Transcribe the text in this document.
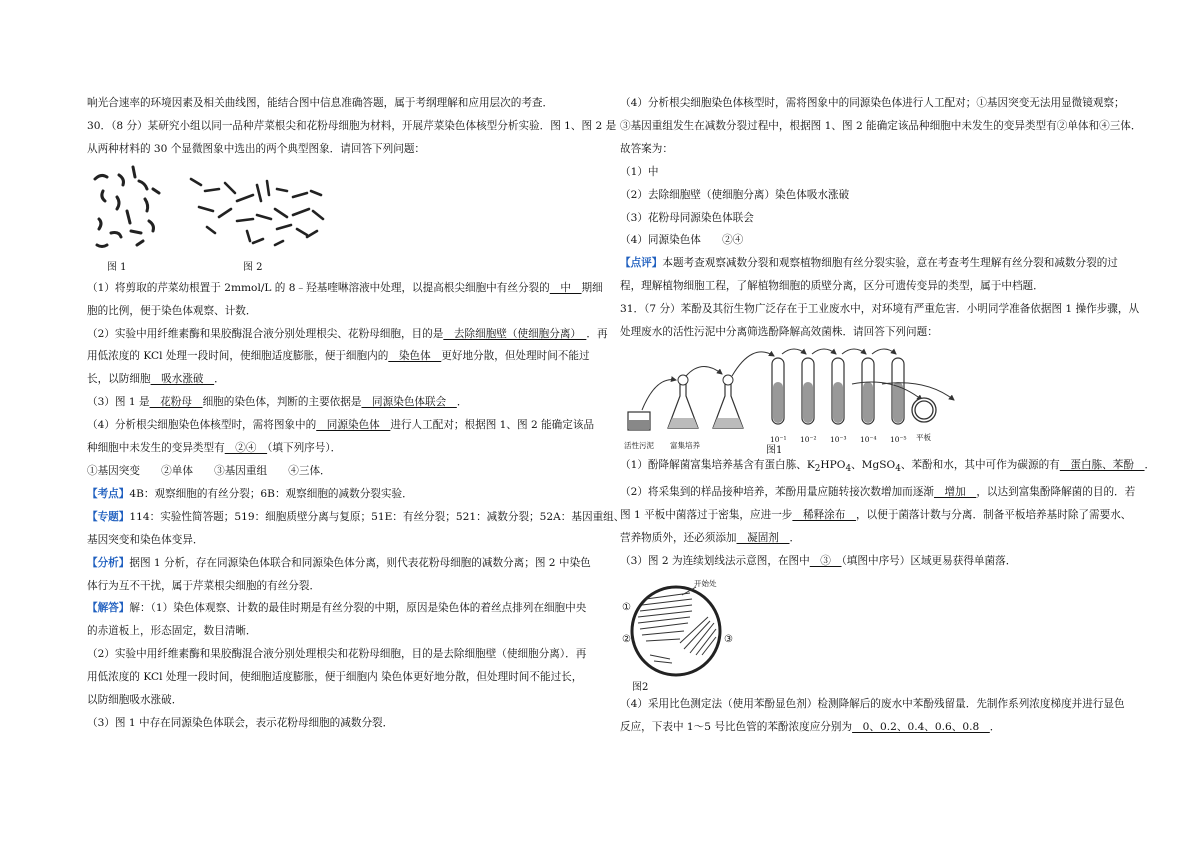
响光合速率的环境因素及相关曲线图，能结合图中信息准确答题，属于考纲理解和应用层次的考查．

30．（8 分）某研究小组以同一品种芹菜根尖和花粉母细胞为材料，开展芹菜染色体核型分析实验．图 1、图 2 是

从两种材料的 30 个显微图象中选出的两个典型图象．请回答下列问题：

图 1	图 2

（1）将剪取的芹菜幼根置于 2mmol/L 的 8﹣羟基喹啉溶液中处理，以提高根尖细胞中有丝分裂的　中　期细

胞的比例，便于染色体观察、计数．

（2）实验中用纤维素酶和果胶酶混合液分别处理根尖、花粉母细胞，目的是　去除细胞壁（使细胞分离）　．再

用低浓度的 KCl 处理一段时间，使细胞适度膨胀，便于细胞内的　染色体　更好地分散，但处理时间不能过

长，以防细胞　吸水涨破　．

（3）图 1 是　花粉母　细胞的染色体，判断的主要依据是　同源染色体联会　．

（4）分析根尖细胞染色体核型时，需将图象中的　同源染色体　进行人工配对；根据图 1、图 2 能确定该品

种细胞中未发生的变异类型有　②④　（填下列序号）．

①基因突变　　②单体　　③基因重组　　④三体．

【考点】4B：观察细胞的有丝分裂；6B：观察细胞的减数分裂实验．

【专题】114：实验性简答题；519：细胞质壁分离与复原；51E：有丝分裂；521：减数分裂；52A：基因重组、

基因突变和染色体变异．

【分析】据图 1 分析，存在同源染色体联合和同源染色体分离，则代表花粉母细胞的减数分离；图 2 中染色

体行为互不干扰，属于芹菜根尖细胞的有丝分裂．

【解答】解：（1）染色体观察、计数的最佳时期是有丝分裂的中期，原因是染色体的着丝点排列在细胞中央

的赤道板上，形态固定，数目清晰．

（2）实验中用纤维素酶和果胶酶混合液分别处理根尖和花粉母细胞，目的是去除细胞壁（使细胞分离）．再

用低浓度的 KCl 处理一段时间，使细胞适度膨胀，便于细胞内 染色体更好地分散，但处理时间不能过长，

以防细胞吸水涨破．

（3）图 1 中存在同源染色体联会，表示花粉母细胞的减数分裂．

（4）分析根尖细胞染色体核型时，需将图象中的同源染色体进行人工配对；①基因突变无法用显微镜观察；

③基因重组发生在减数分裂过程中，根据图 1、图 2 能确定该品种细胞中未发生的变异类型有②单体和④三体．

故答案为：

（1）中

（2）去除细胞壁（使细胞分离）染色体吸水涨破

（3）花粉母同源染色体联会

（4）同源染色体　　②④

【点评】本题考查观察减数分裂和观察植物细胞有丝分裂实验，意在考查考生理解有丝分裂和减数分裂的过

程，理解植物细胞工程，了解植物细胞的质壁分离，区分可遗传变异的类型，属于中档题．

31．（7 分）苯酚及其衍生物广泛存在于工业废水中，对环境有严重危害．小明同学准备依据图 1 操作步骤，从

处理废水的活性污泥中分离筛选酚降解高效菌株．请回答下列问题：

活性污泥 富集培养
10⁻¹ 10⁻² 10⁻³ 10⁻⁴ 10⁻⁵ 平板
图1

（1）酚降解菌富集培养基含有蛋白胨、$K_2HPO_4$、MgSO$_4$、苯酚和水，其中可作为碳源的有　蛋白胨、苯酚　．

（2）将采集到的样品接种培养，苯酚用量应随转接次数增加而逐渐　增加　，以达到富集酚降解菌的目的．若

图 1 平板中菌落过于密集，应进一步　稀释涂布　，以便于菌落计数与分离．制备平板培养基时除了需要水、

营养物质外，还必须添加　凝固剂　．

（3）图 2 为连续划线法示意图，在图中　③　（填图中序号）区域更易获得单菌落．

开始处
①
②	③
图2

（4）采用比色测定法（使用苯酚显色剂）检测降解后的废水中苯酚残留量．先制作系列浓度梯度并进行显色

反应，下表中 1～5 号比色管的苯酚浓度应分别为　0、0.2、0.4、0.6、0.8　．
